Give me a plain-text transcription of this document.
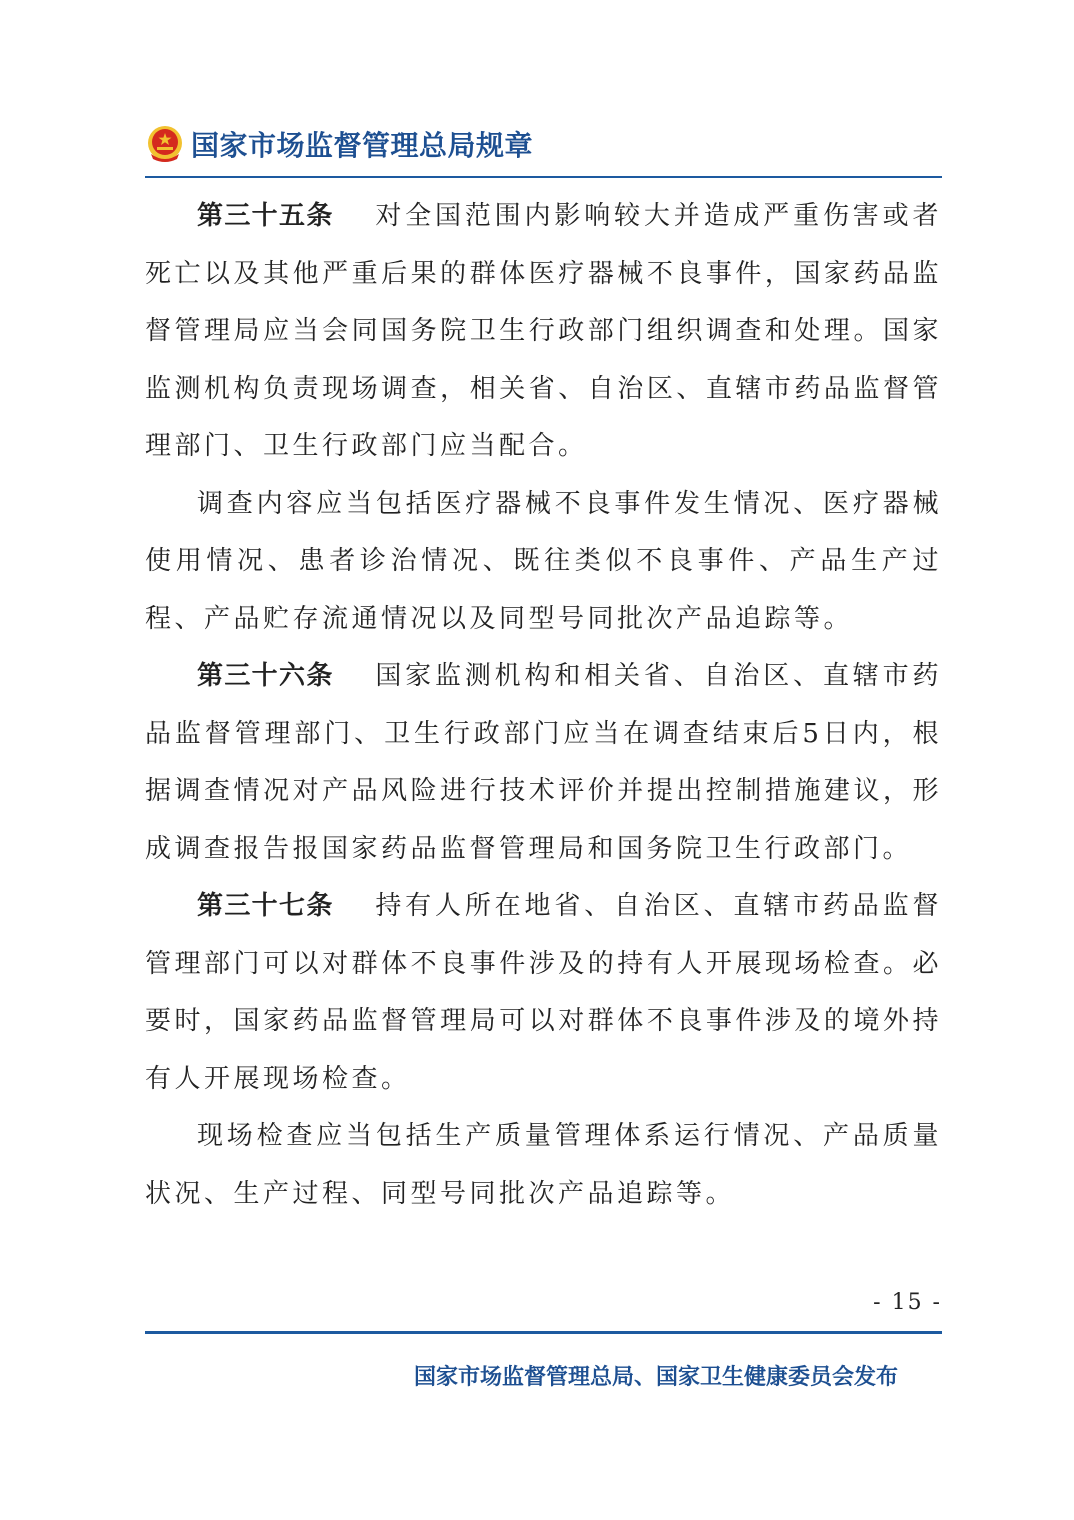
国家市场监督管理总局规章

第三十五条 对全国范围内影响较大并造成严重伤害或者死亡以及其他严重后果的群体医疗器械不良事件，国家药品监督管理局应当会同国务院卫生行政部门组织调查和处理。国家监测机构负责现场调查，相关省、自治区、直辖市药品监督管理部门、卫生行政部门应当配合。

调查内容应当包括医疗器械不良事件发生情况、医疗器械使用情况、患者诊治情况、既往类似不良事件、产品生产过程、产品贮存流通情况以及同型号同批次产品追踪等。

第三十六条 国家监测机构和相关省、自治区、直辖市药品监督管理部门、卫生行政部门应当在调查结束后5日内，根据调查情况对产品风险进行技术评价并提出控制措施建议，形成调查报告报国家药品监督管理局和国务院卫生行政部门。

第三十七条 持有人所在地省、自治区、直辖市药品监督管理部门可以对群体不良事件涉及的持有人开展现场检查。必要时，国家药品监督管理局可以对群体不良事件涉及的境外持有人开展现场检查。

现场检查应当包括生产质量管理体系运行情况、产品质量状况、生产过程、同型号同批次产品追踪等。

- 15 -
国家市场监督管理总局、国家卫生健康委员会发布
